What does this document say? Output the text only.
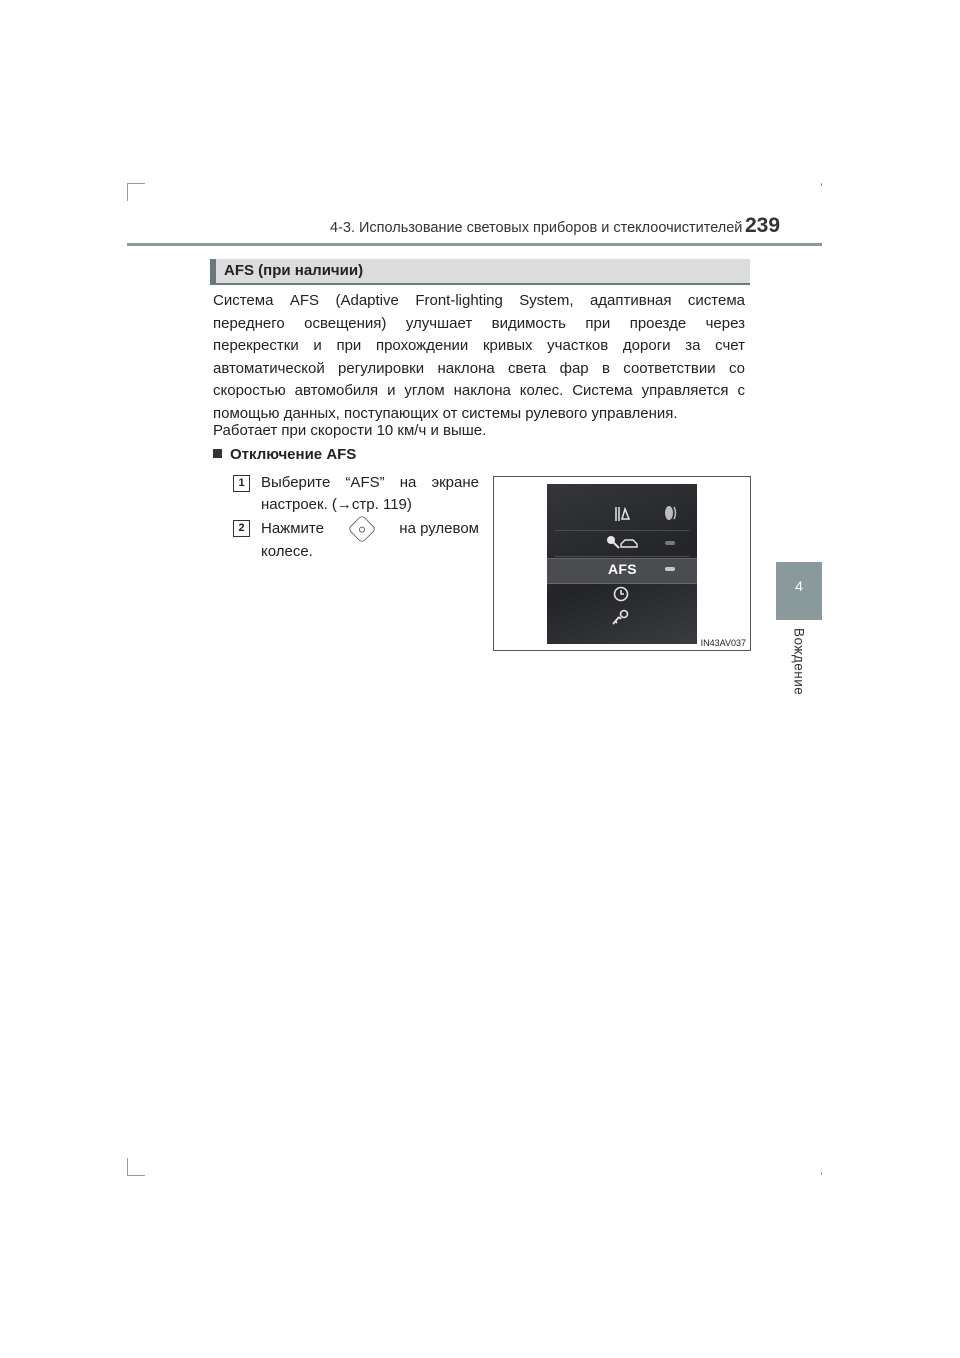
4-3. Использование световых приборов и стеклоочистителей 239
4
Вождение
AFS (при наличии)
Система AFS (Adaptive Front-lighting System, адаптивная система
переднего освещения) улучшает видимость при проезде через
перекрестки и при прохождении кривых участков дороги за счет
автоматической регулировки наклона света фар в соответствии со
скоростью автомобиля и углом наклона колес. Система управляется с
помощью данных, поступающих от системы рулевого управления.
Работает при скорости 10 км/ч и выше.
Отключение AFS
1	Выберите “AFS” на экране
настроек. (→стр. 119)
2	Нажмите	на рулевом
колесе.
AFS
IN43AV037
